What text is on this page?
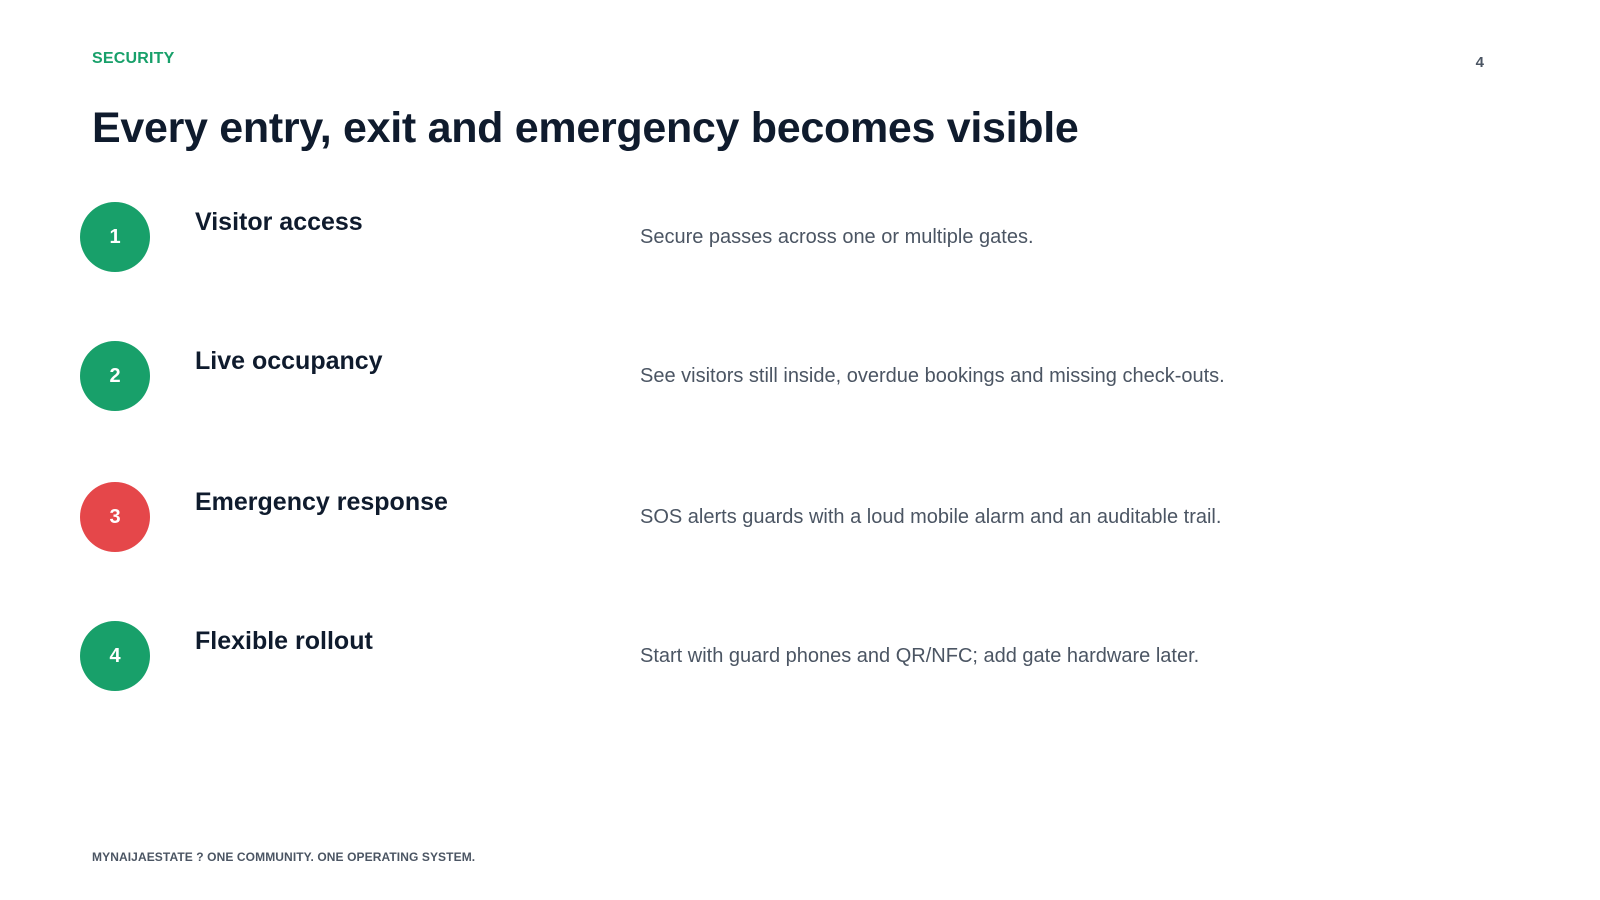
SECURITY	4
Every entry, exit and emergency becomes visible
1
Visitor access
Secure passes across one or multiple gates.
2
Live occupancy
See visitors still inside, overdue bookings and missing check-outs.
3
Emergency response
SOS alerts guards with a loud mobile alarm and an auditable trail.
4
Flexible rollout
Start with guard phones and QR/NFC; add gate hardware later.
MYNAIJAESTATE ? ONE COMMUNITY. ONE OPERATING SYSTEM.
